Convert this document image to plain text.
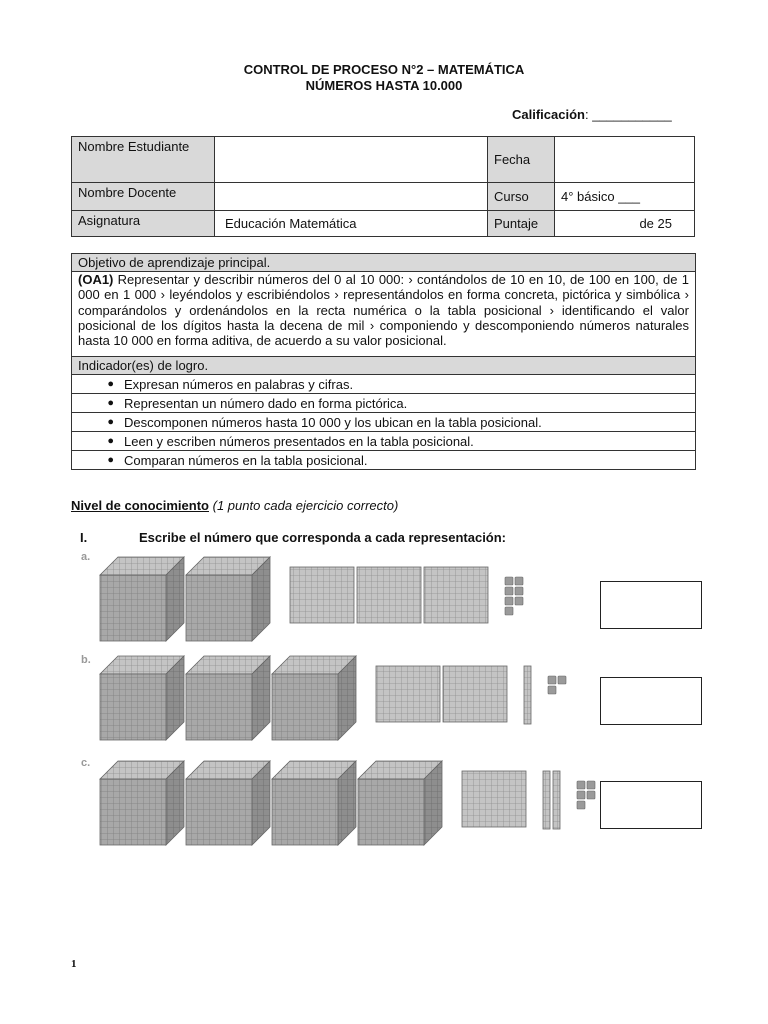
CONTROL DE PROCESO N°2 – MATEMÁTICA
NÚMEROS HASTA 10.000
Calificación: ___________
Nombre Estudiante		Fecha	
Nombre Docente		Curso	4° básico ___
Asignatura	Educación Matemática	Puntaje	de 25
Objetivo de aprendizaje principal.
(OA1) Representar y describir números del 0 al 10 000: › contándolos de 10 en 10, de 100 en 100, de 1 000 en 1 000 › leyéndolos y escribiéndolos › representándolos en forma concreta, pictórica y simbólica › comparándolos y ordenándolos en la recta numérica o la tabla posicional › identificando el valor posicional de los dígitos hasta la decena de mil › componiendo y descomponiendo números naturales hasta 10 000 en forma aditiva, de acuerdo a su valor posicional.
Indicador(es) de logro.
● Expresan números en palabras y cifras.
● Representan un número dado en forma pictórica.
● Descomponen números hasta 10 000 y los ubican en la tabla posicional.
● Leen y escriben números presentados en la tabla posicional.
● Comparan números en la tabla posicional.
Nivel de conocimiento (1 punto cada ejercicio correcto)
I.	Escribe el número que corresponda a cada representación:
a.
b.
c.
1
